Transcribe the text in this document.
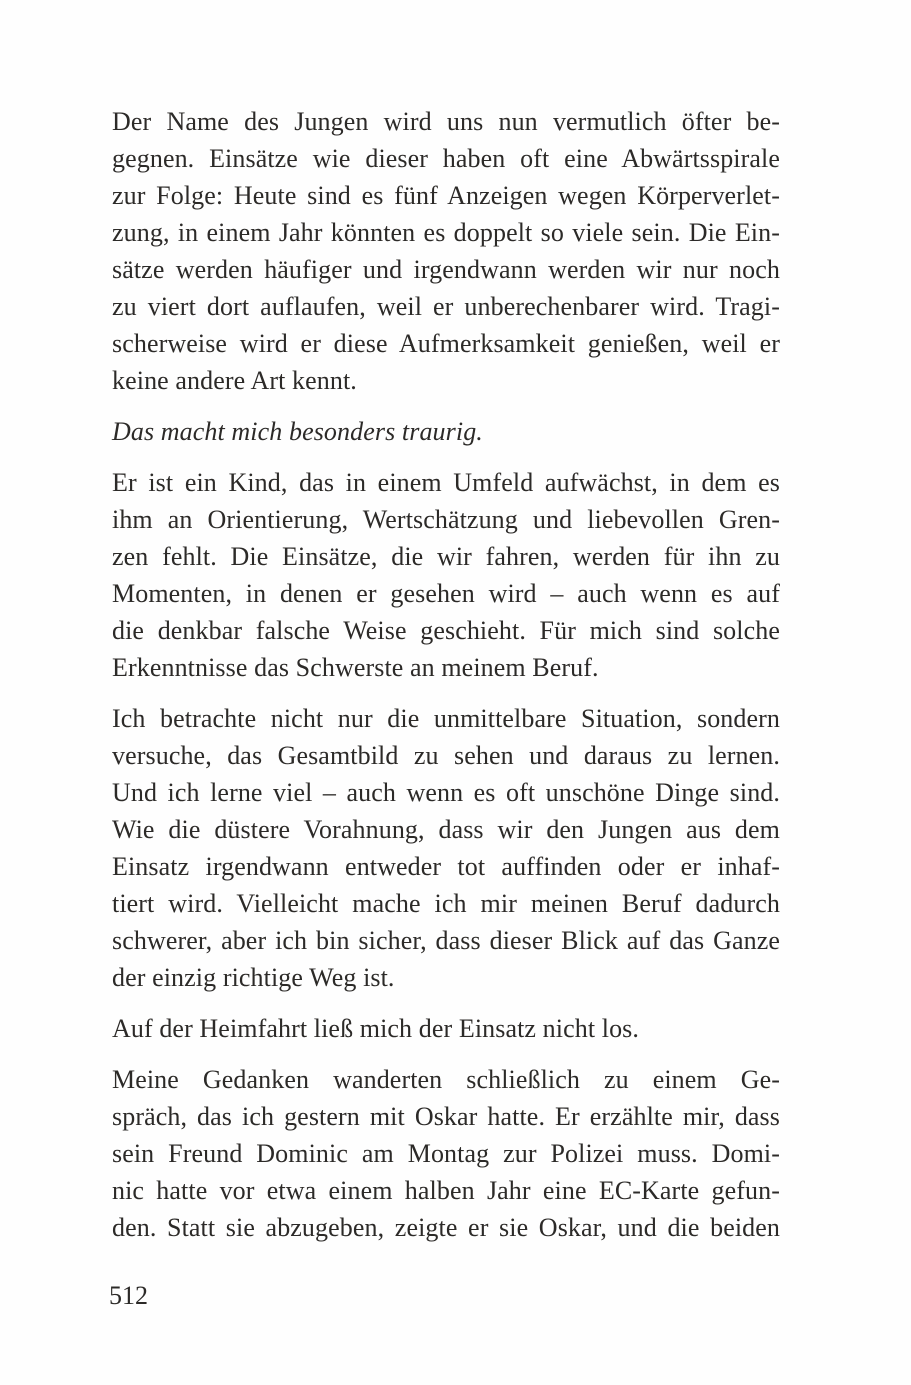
Der Name des Jungen wird uns nun vermutlich öfter be-
gegnen. Einsätze wie dieser haben oft eine Abwärtsspirale
zur Folge: Heute sind es fünf Anzeigen wegen Körperverlet-
zung, in einem Jahr könnten es doppelt so viele sein. Die Ein-
sätze werden häufiger und irgendwann werden wir nur noch
zu viert dort auflaufen, weil er unberechenbarer wird. Tragi-
scherweise wird er diese Aufmerksamkeit genießen, weil er
keine andere Art kennt.

Das macht mich besonders traurig.

Er ist ein Kind, das in einem Umfeld aufwächst, in dem es
ihm an Orientierung, Wertschätzung und liebevollen Gren-
zen fehlt. Die Einsätze, die wir fahren, werden für ihn zu
Momenten, in denen er gesehen wird – auch wenn es auf
die denkbar falsche Weise geschieht. Für mich sind solche
Erkenntnisse das Schwerste an meinem Beruf.

Ich betrachte nicht nur die unmittelbare Situation, sondern
versuche, das Gesamtbild zu sehen und daraus zu lernen.
Und ich lerne viel – auch wenn es oft unschöne Dinge sind.
Wie die düstere Vorahnung, dass wir den Jungen aus dem
Einsatz irgendwann entweder tot auffinden oder er inhaf-
tiert wird. Vielleicht mache ich mir meinen Beruf dadurch
schwerer, aber ich bin sicher, dass dieser Blick auf das Ganze
der einzig richtige Weg ist.

Auf der Heimfahrt ließ mich der Einsatz nicht los.

Meine Gedanken wanderten schließlich zu einem Ge-
spräch, das ich gestern mit Oskar hatte. Er erzählte mir, dass
sein Freund Dominic am Montag zur Polizei muss. Domi-
nic hatte vor etwa einem halben Jahr eine EC-Karte gefun-
den. Statt sie abzugeben, zeigte er sie Oskar, und die beiden

512
